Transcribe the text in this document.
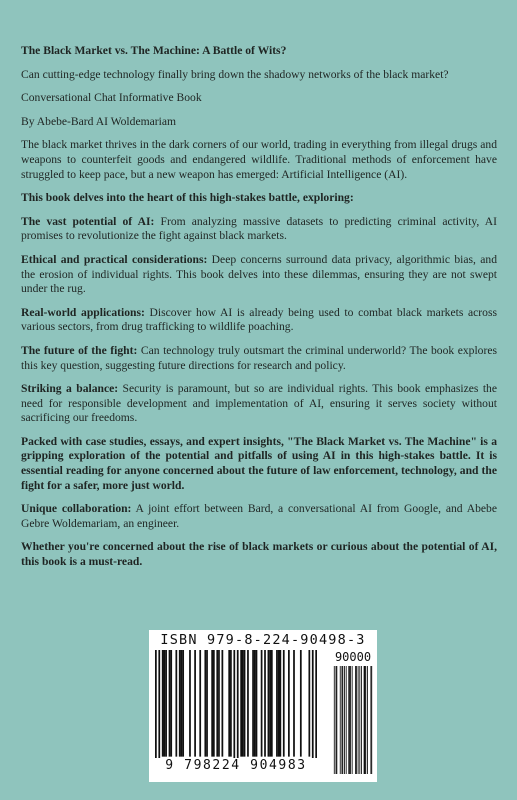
The Black Market vs. The Machine: A Battle of Wits?

Can cutting-edge technology finally bring down the shadowy networks of the black market?

Conversational Chat Informative Book

By Abebe-Bard AI Woldemariam

The black market thrives in the dark corners of our world, trading in everything from illegal drugs and weapons to counterfeit goods and endangered wildlife. Traditional methods of enforcement have struggled to keep pace, but a new weapon has emerged: Artificial Intelligence (AI).

This book delves into the heart of this high-stakes battle, exploring:

The vast potential of AI: From analyzing massive datasets to predicting criminal activity, AI promises to revolutionize the fight against black markets.

Ethical and practical considerations: Deep concerns surround data privacy, algorithmic bias, and the erosion of individual rights. This book delves into these dilemmas, ensuring they are not swept under the rug.

Real-world applications: Discover how AI is already being used to combat black markets across various sectors, from drug trafficking to wildlife poaching.

The future of the fight: Can technology truly outsmart the criminal underworld? The book explores this key question, suggesting future directions for research and policy.

Striking a balance: Security is paramount, but so are individual rights. This book emphasizes the need for responsible development and implementation of AI, ensuring it serves society without sacrificing our freedoms.

Packed with case studies, essays, and expert insights, "The Black Market vs. The Machine" is a gripping exploration of the potential and pitfalls of using AI in this high-stakes battle. It is essential reading for anyone concerned about the future of law enforcement, technology, and the fight for a safer, more just world.

Unique collaboration: A joint effort between Bard, a conversational AI from Google, and Abebe Gebre Woldemariam, an engineer.

Whether you're concerned about the rise of black markets or curious about the potential of AI, this book is a must-read.

ISBN 979-8-224-90498-3
90000
9 798224 904983
